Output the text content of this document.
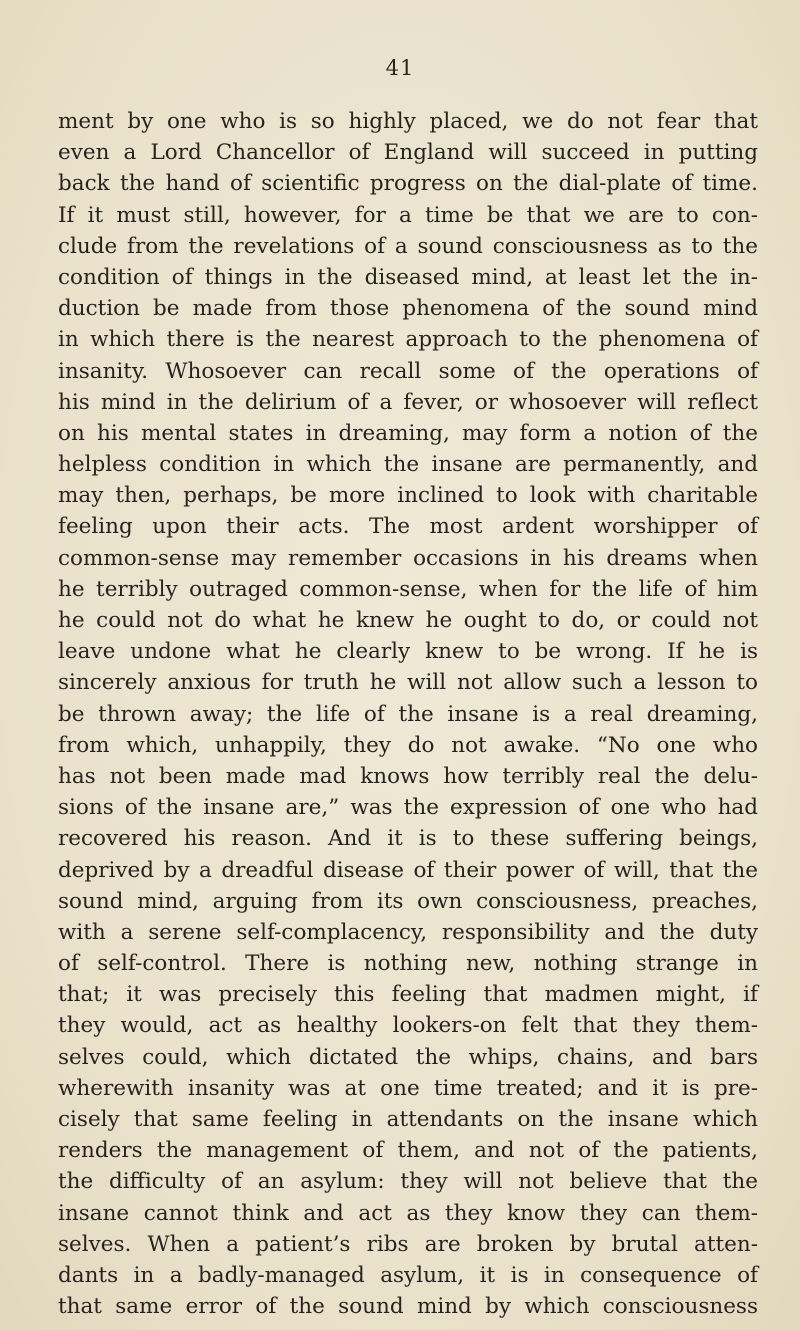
41
ment by one who is so highly placed, we do not fear that
even a Lord Chancellor of England will succeed in putting
back the hand of scientific progress on the dial-plate of time.
If it must still, however, for a time be that we are to con-
clude from the revelations of a sound consciousness as to the
condition of things in the diseased mind, at least let the in-
duction be made from those phenomena of the sound mind
in which there is the nearest approach to the phenomena of
insanity. Whosoever can recall some of the operations of
his mind in the delirium of a fever, or whosoever will reflect
on his mental states in dreaming, may form a notion of the
helpless condition in which the insane are permanently, and
may then, perhaps, be more inclined to look with charitable
feeling upon their acts. The most ardent worshipper of
common-sense may remember occasions in his dreams when
he terribly outraged common-sense, when for the life of him
he could not do what he knew he ought to do, or could not
leave undone what he clearly knew to be wrong. If he is
sincerely anxious for truth he will not allow such a lesson to
be thrown away; the life of the insane is a real dreaming,
from which, unhappily, they do not awake. “No one who
has not been made mad knows how terribly real the delu-
sions of the insane are,” was the expression of one who had
recovered his reason. And it is to these suffering beings,
deprived by a dreadful disease of their power of will, that the
sound mind, arguing from its own consciousness, preaches,
with a serene self-complacency, responsibility and the duty
of self-control. There is nothing new, nothing strange in
that; it was precisely this feeling that madmen might, if
they would, act as healthy lookers-on felt that they them-
selves could, which dictated the whips, chains, and bars
wherewith insanity was at one time treated; and it is pre-
cisely that same feeling in attendants on the insane which
renders the management of them, and not of the patients,
the difficulty of an asylum: they will not believe that the
insane cannot think and act as they know they can them-
selves. When a patient’s ribs are broken by brutal atten-
dants in a badly-managed asylum, it is in consequence of
that same error of the sound mind by which consciousness
